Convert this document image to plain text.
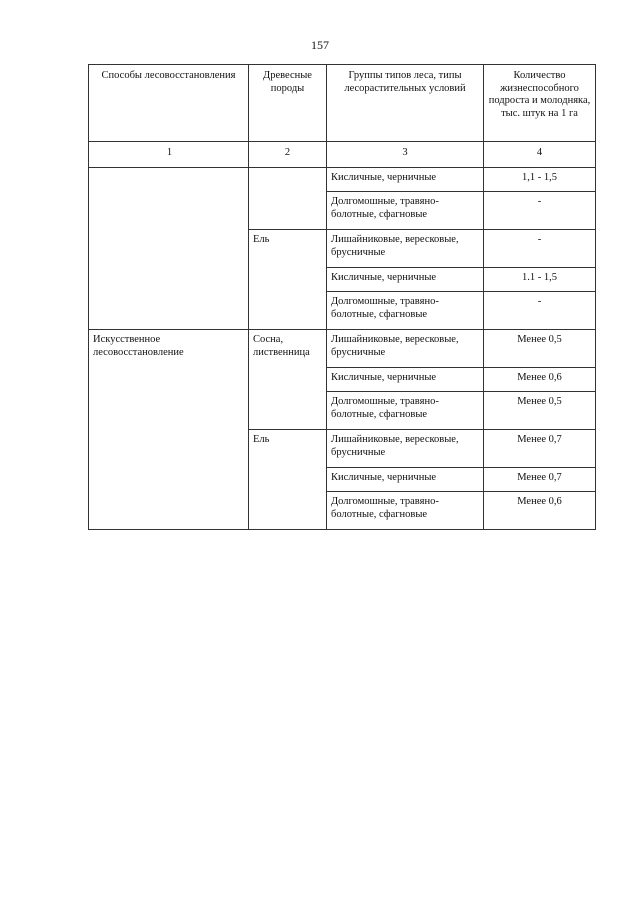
157
Способы лесовосстановления	Древесные породы	Группы типов леса, типы лесорастительных условий	Количество жизнеспособного подроста и молодняка, тыс. штук на 1 га
1	2	3	4
		Кисличные, черничные	1,1 - 1,5
		Долгомошные, травяно-болотные, сфагновые	-
	Ель	Лишайниковые, вересковые, брусничные	-
		Кисличные, черничные	1.1 - 1,5
		Долгомошные, травяно-болотные, сфагновые	-
Искусственное лесовосстановление	Сосна, лиственница	Лишайниковые, вересковые, брусничные	Менее 0,5
		Кисличные, черничные	Менее 0,6
		Долгомошные, травяно-болотные, сфагновые	Менее 0,5
	Ель	Лишайниковые, вересковые, брусничные	Менее 0,7
		Кисличные, черничные	Менее 0,7
		Долгомошные, травяно-болотные, сфагновые	Менее 0,6
